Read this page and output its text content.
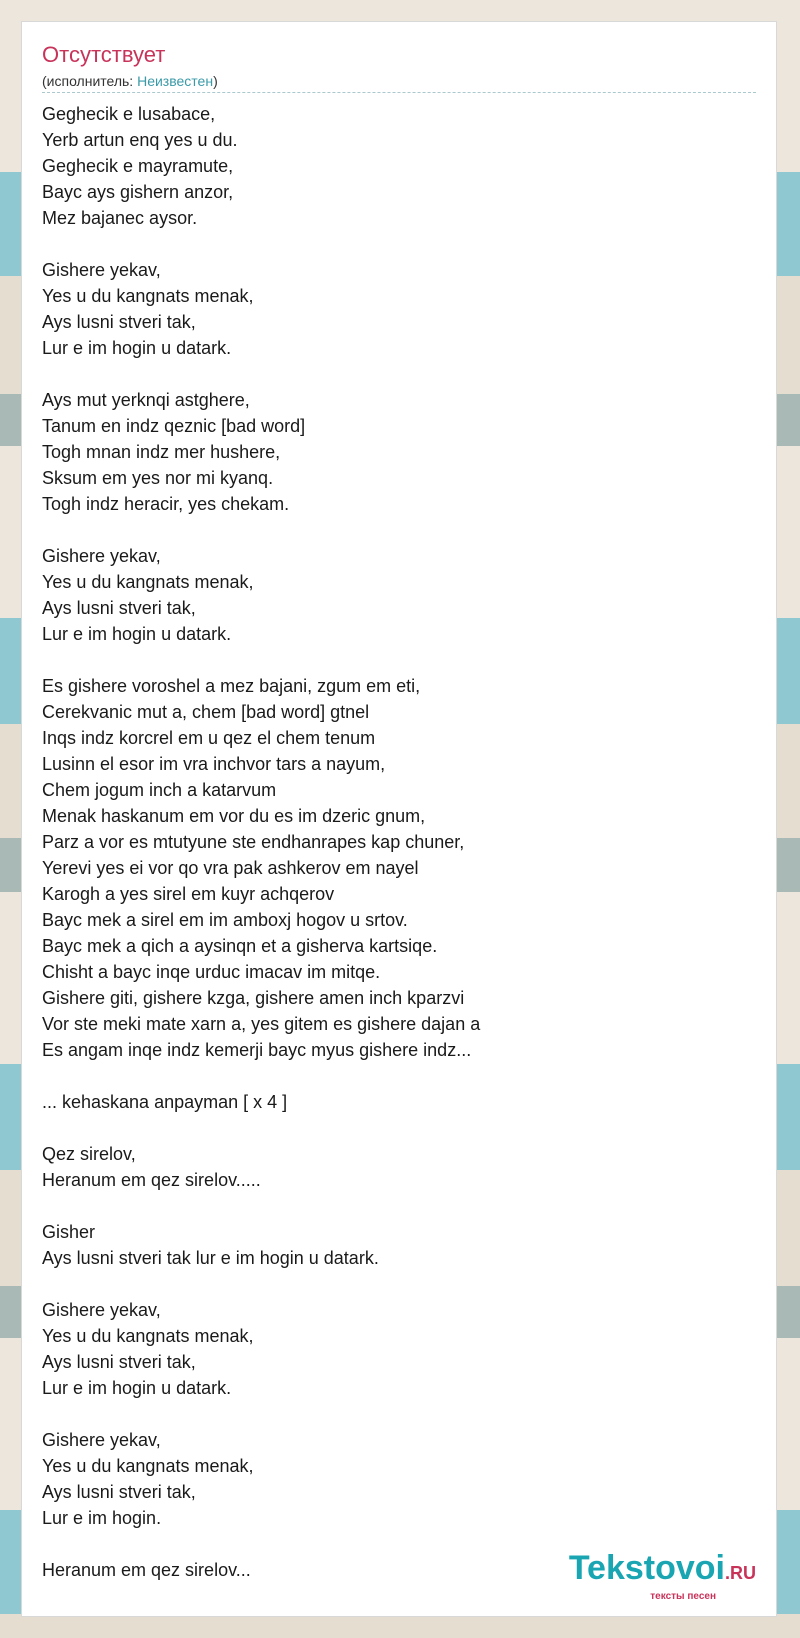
Отсутствует
(исполнитель: Неизвестен)
Geghecik e lusabace,
Yerb artun enq yes u du.
Geghecik e mayramute,
Bayc ays gishern anzor,
Mez bajanec aysor.
Gishere yekav,
Yes u du kangnats menak,
Ays lusni stveri tak,
Lur e im hogin u datark.
Ays mut yerknqi astghere,
Tanum en indz qeznic [bad word]
Togh mnan indz mer hushere,
Sksum em yes nor mi kyanq.
Togh indz heracir, yes chekam.
Gishere yekav,
Yes u du kangnats menak,
Ays lusni stveri tak,
Lur e im hogin u datark.
Es gishere voroshel a mez bajani, zgum em eti,
Cerekvanic mut a, chem [bad word] gtnel
Inqs indz korcrel em u qez el chem tenum
Lusinn el esor im vra inchvor tars a nayum,
Chem jogum inch a katarvum
Menak haskanum em vor du es im dzeric gnum,
Parz a vor es mtutyune ste endhanrapes kap chuner,
Yerevi yes ei vor qo vra pak ashkerov em nayel
Karogh a yes sirel em kuyr achqerov
Bayc mek a sirel em im amboxj hogov u srtov.
Bayc mek a qich a aysinqn et a gisherva kartsiqe.
Chisht a bayc inqe urduc imacav im mitqe.
Gishere giti, gishere kzga, gishere amen inch kparzvi
Vor ste meki mate xarn a, yes gitem es gishere dajan a
Es angam inqe indz kemerji bayc myus gishere indz...
... kehaskana anpayman [ x 4 ]
Qez sirelov,
Heranum em qez sirelov.....
Gisher
Ays lusni stveri tak lur e im hogin u datark.
Gishere yekav,
Yes u du kangnats menak,
Ays lusni stveri tak,
Lur e im hogin u datark.
Gishere yekav,
Yes u du kangnats menak,
Ays lusni stveri tak,
Lur e im hogin.
Heranum em qez sirelov...	Tekstovoi.RU
тексты песен
